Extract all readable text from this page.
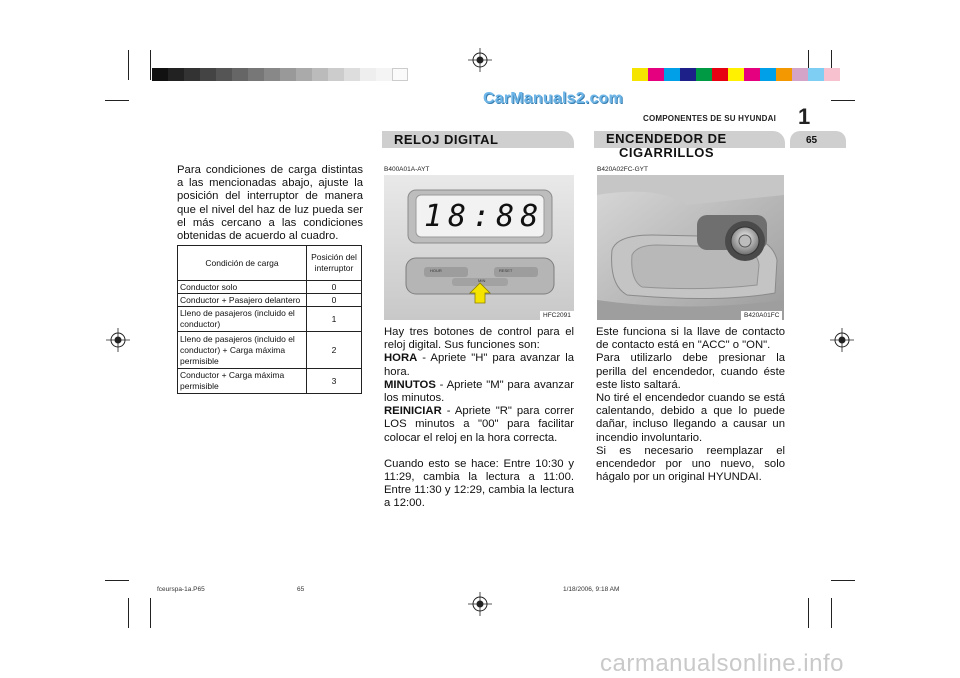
CarManuals2.com
COMPONENTES DE SU HYUNDAI 1
65
Para condiciones de carga distintas a las mencionadas abajo, ajuste la posición del interruptor de manera que el nivel del haz de luz pueda ser el más cercano a las condiciones obtenidas de acuerdo al cuadro.
Condición de carga	Posición del interruptor
Conductor solo	0
Conductor + Pasajero delantero	0
Lleno de pasajeros (incluido el conductor)	1
Lleno de pasajeros (incluido el conductor) + Carga máxima permisible	2
Conductor + Carga máxima permisible	3
RELOJ DIGITAL
B400A01A-AYT
18:88
HOUR
MIN
RESET
HFC2091

Hay tres botones de control para el reloj digital. Sus funciones son:

HORA - Apriete "H" para avanzar la hora.

MINUTOS - Apriete "M" para avanzar los minutos.

REINICIAR - Apriete "R" para correr LOS minutos a "00" para facilitar colocar el reloj en la hora correcta.

Cuando esto se hace: Entre 10:30 y 11:29, cambia la lectura a 11:00. Entre 11:30 y 12:29, cambia la lectura a 12:00.

ENCENDEDOR DE
CIGARRILLOS
B420A02FC-GYT
B420A01FC

Este funciona si la llave de contacto de contacto está en "ACC" o "ON".

Para utilizarlo debe presionar la perilla del encendedor, cuando éste este listo saltará.

No tiré el encendedor cuando se está calentando, debido a que lo puede dañar, incluso llegando a causar un incendio involuntario.

Si es necesario reemplazar el encendedor por uno nuevo, solo hágalo por un original HYUNDAI.

fceurspa-1a.P65	65	1/18/2006, 9:18 AM
carmanualsonline.info
